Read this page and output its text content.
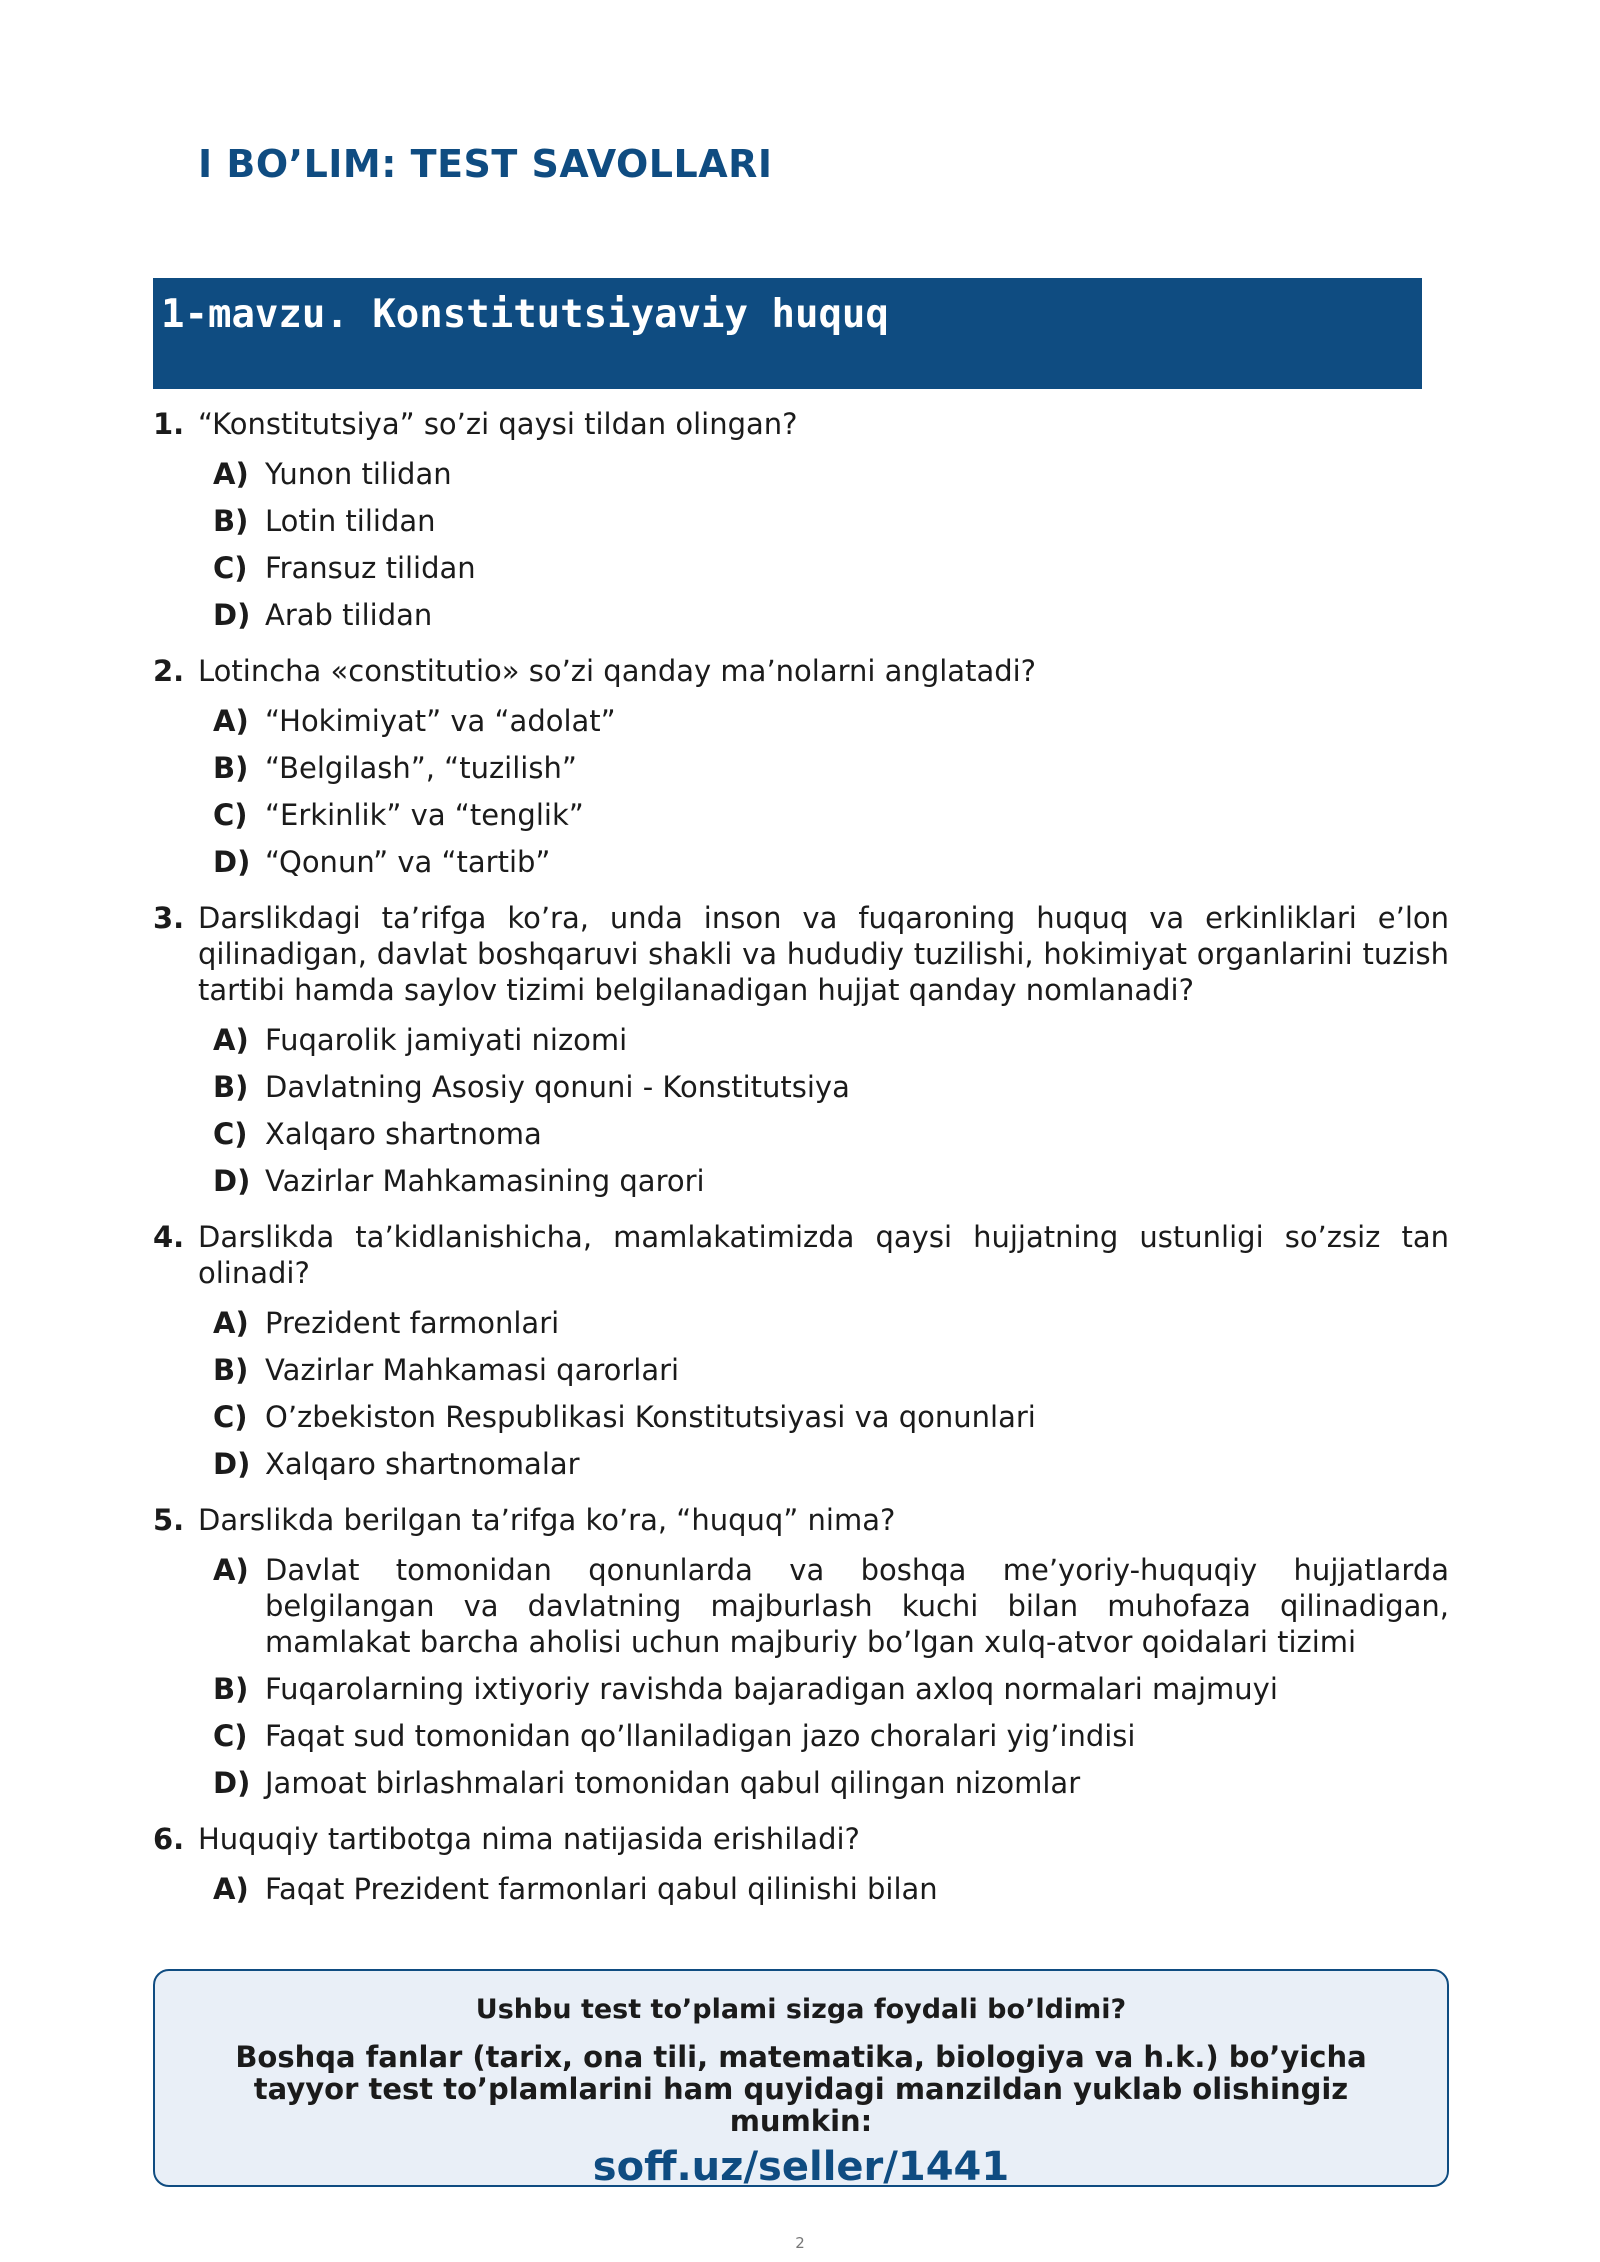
I BO’LIM: TEST SAVOLLARI
1-mavzu. Konstitutsiyaviy huquq
1. “Konstitutsiya” so’zi qaysi tildan olingan?
A) Yunon tilidan
B) Lotin tilidan
C) Fransuz tilidan
D) Arab tilidan
2. Lotincha «constitutio» so’zi qanday ma’nolarni anglatadi?
A) “Hokimiyat” va “adolat”
B) “Belgilash”, “tuzilish”
C) “Erkinlik” va “tenglik”
D) “Qonun” va “tartib”
3. Darslikdagi ta’rifga ko’ra, unda inson va fuqaroning huquq va erkinliklari e’lon qilinadigan, davlat boshqaruvi shakli va hududiy tuzilishi, hokimiyat organlarini tuzish tartibi hamda saylov tizimi belgilanadigan hujjat qanday nomlanadi?
A) Fuqarolik jamiyati nizomi
B) Davlatning Asosiy qonuni - Konstitutsiya
C) Xalqaro shartnoma
D) Vazirlar Mahkamasining qarori
4. Darslikda ta’kidlanishicha, mamlakatimizda qaysi hujjatning ustunligi so’zsiz tan olinadi?
A) Prezident farmonlari
B) Vazirlar Mahkamasi qarorlari
C) O’zbekiston Respublikasi Konstitutsiyasi va qonunlari
D) Xalqaro shartnomalar
5. Darslikda berilgan ta’rifga ko’ra, “huquq” nima?
A) Davlat tomonidan qonunlarda va boshqa me’yoriy-huquqiy hujjatlarda belgilangan va davlatning majburlash kuchi bilan muhofaza qilinadigan, mamlakat barcha aholisi uchun majburiy bo’lgan xulq-atvor qoidalari tizimi
B) Fuqarolarning ixtiyoriy ravishda bajaradigan axloq normalari majmuyi
C) Faqat sud tomonidan qo’llaniladigan jazo choralari yig’indisi
D) Jamoat birlashmalari tomonidan qabul qilingan nizomlar
6. Huquqiy tartibotga nima natijasida erishiladi?
A) Faqat Prezident farmonlari qabul qilinishi bilan

Ushbu test to’plami sizga foydali bo’ldimi?

Boshqa fanlar (tarix, ona tili, matematika, biologiya va h.k.) bo’yicha tayyor test to’plamlarini ham quyidagi manzildan yuklab olishingiz mumkin:

soff.uz/seller/1441

2
